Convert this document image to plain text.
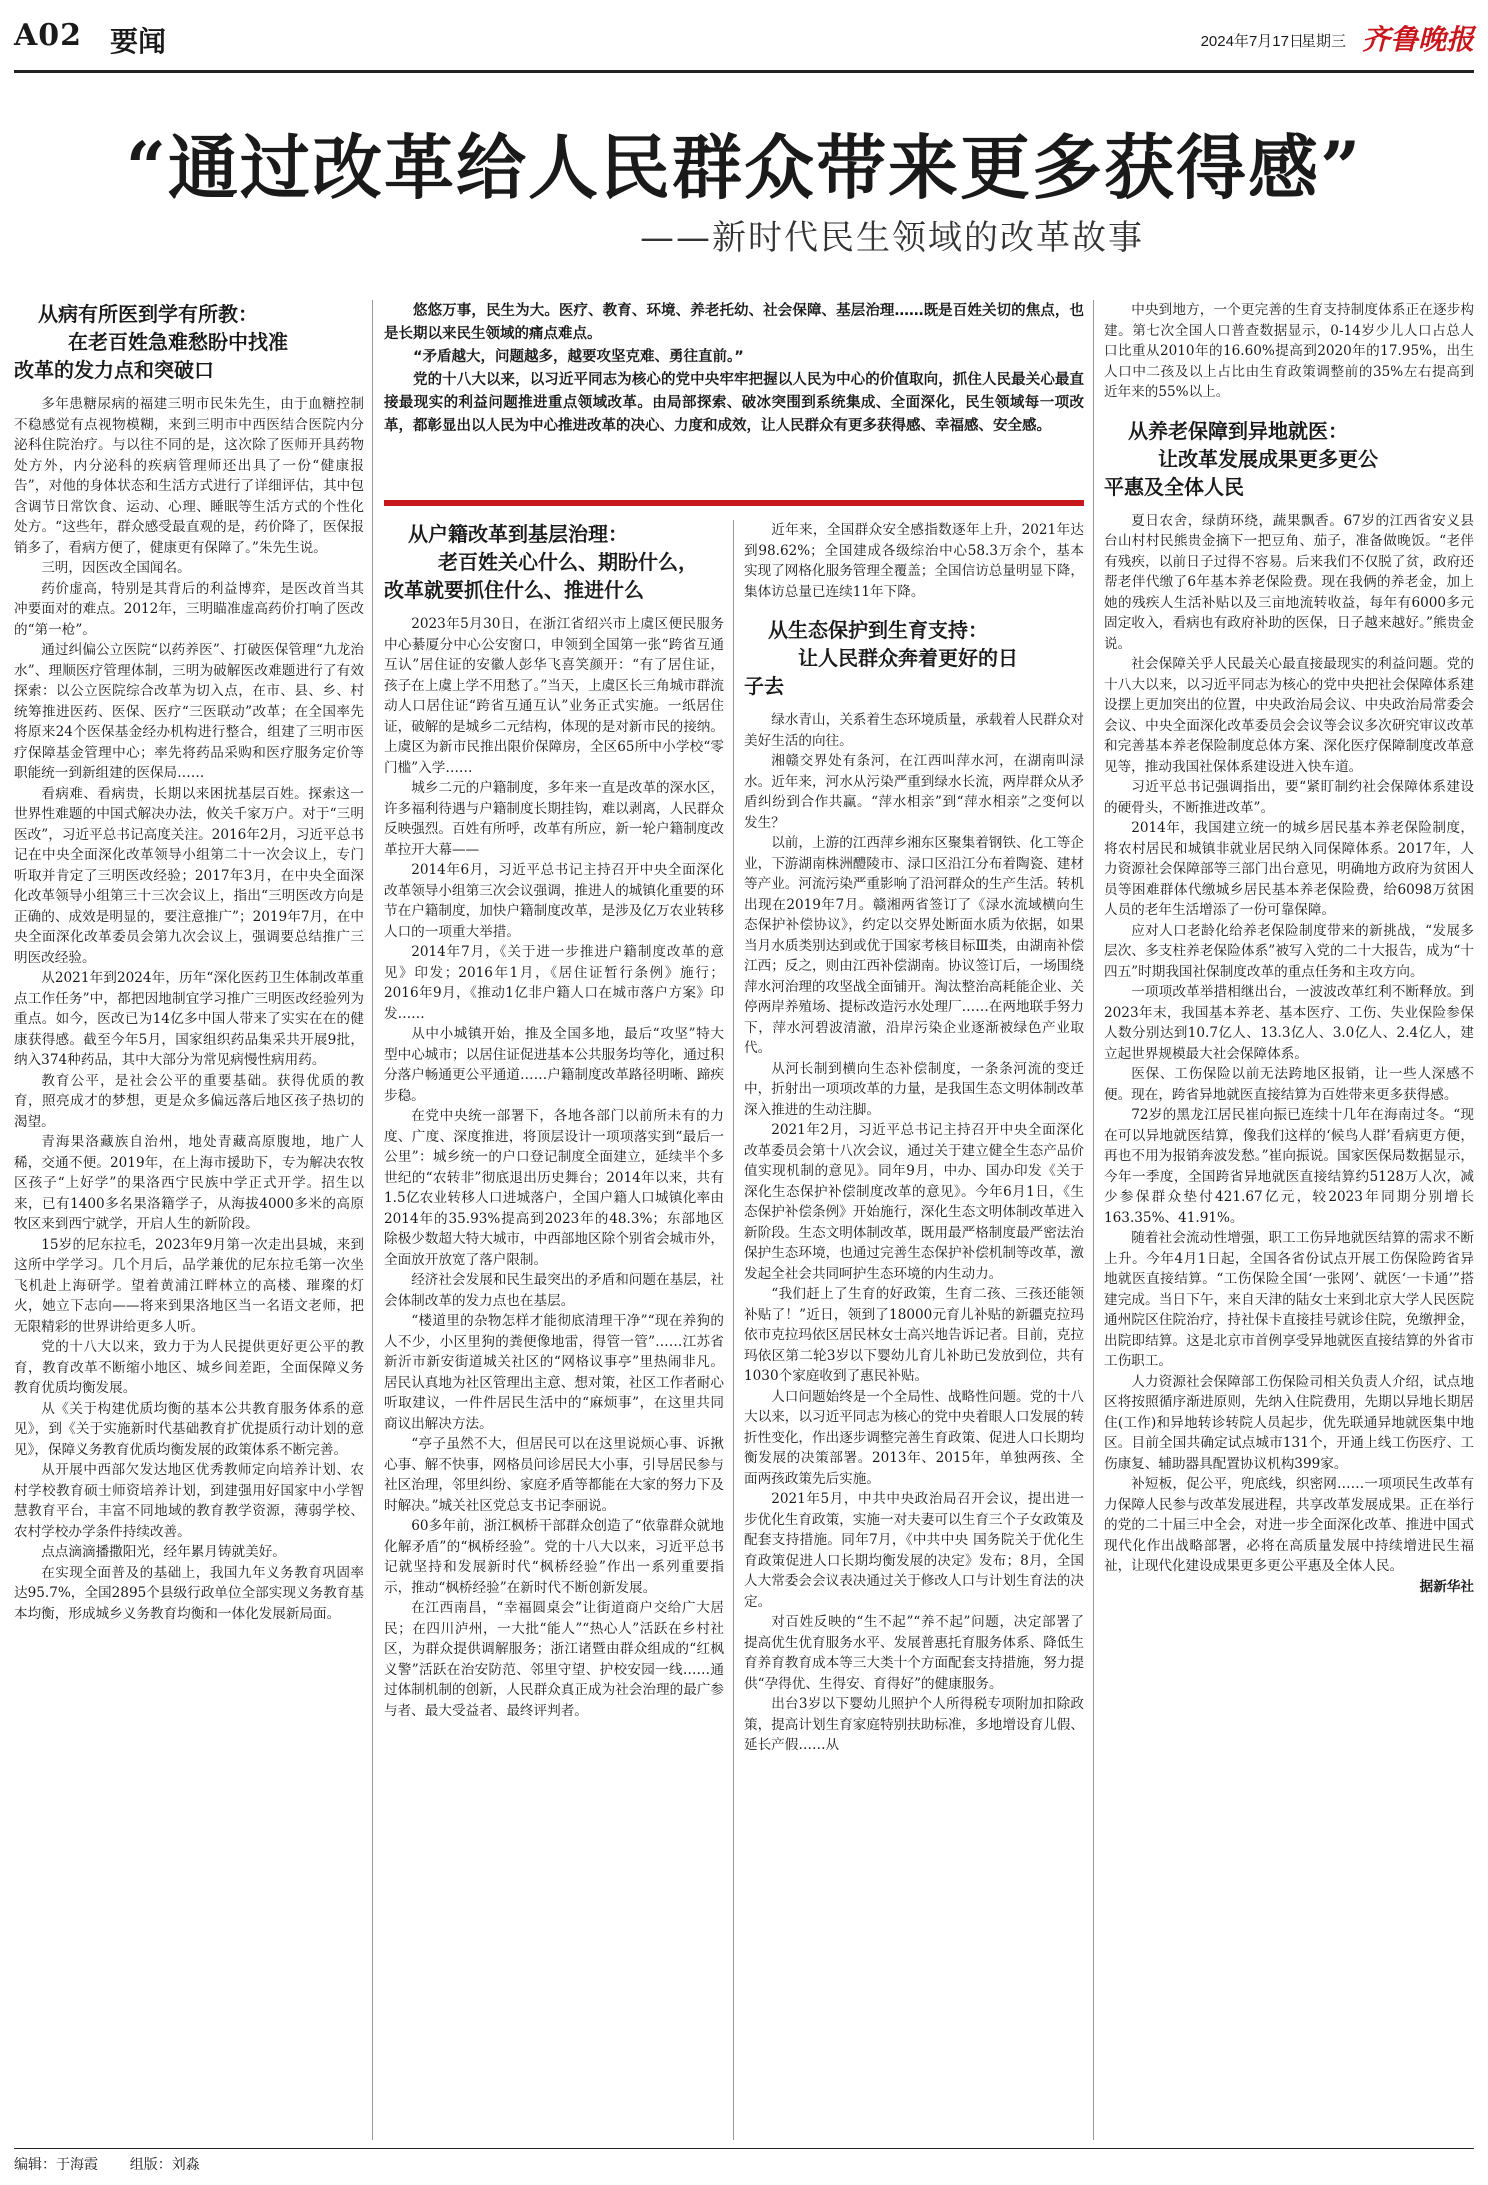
A02 要闻	2024年7月17日
星期三 齐鲁晚报
“通过改革给人民群众带来更多获得感”
——新时代民生领域的改革故事
从病有所医到学有所教：
在老百姓急难愁盼中找准
改革的发力点和突破口

多年患糖尿病的福建三明市民朱先生，由于血糖控制不稳感觉有点视物模糊，来到三明市中西医结合医院内分泌科住院治疗。与以往不同的是，这次除了医师开具药物处方外，内分泌科的疾病管理师还出具了一份“健康报告”，对他的身体状态和生活方式进行了详细评估，其中包含调节日常饮食、运动、心理、睡眠等生活方式的个性化处方。“这些年，群众感受最直观的是，药价降了，医保报销多了，看病方便了，健康更有保障了。”朱先生说。

三明，因医改全国闻名。

药价虚高，特别是其背后的利益博弈，是医改首当其冲要面对的难点。2012年，三明瞄准虚高药价打响了医改的“第一枪”。

通过纠偏公立医院“以药养医”、打破医保管理“九龙治水”、理顺医疗管理体制，三明为破解医改难题进行了有效探索：以公立医院综合改革为切入点，在市、县、乡、村统筹推进医药、医保、医疗“三医联动”改革；在全国率先将原来24个医保基金经办机构进行整合，组建了三明市医疗保障基金管理中心；率先将药品采购和医疗服务定价等职能统一到新组建的医保局……

看病难、看病贵，长期以来困扰基层百姓。探索这一世界性难题的中国式解决办法，攸关千家万户。对于“三明医改”，习近平总书记高度关注。2016年2月，习近平总书记在中央全面深化改革领导小组第二十一次会议上，专门听取并肯定了三明医改经验；2017年3月，在中央全面深化改革领导小组第三十三次会议上，指出“三明医改方向是正确的、成效是明显的，要注意推广”；2019年7月，在中央全面深化改革委员会第九次会议上，强调要总结推广三明医改经验。

从2021年到2024年，历年“深化医药卫生体制改革重点工作任务”中，都把因地制宜学习推广三明医改经验列为重点。如今，医改已为14亿多中国人带来了实实在在的健康获得感。截至今年5月，国家组织药品集采共开展9批，纳入374种药品，其中大部分为常见病慢性病用药。

教育公平，是社会公平的重要基础。获得优质的教育，照亮成才的梦想，更是众多偏远落后地区孩子热切的渴望。

青海果洛藏族自治州，地处青藏高原腹地，地广人稀，交通不便。2019年，在上海市援助下，专为解决农牧区孩子“上好学”的果洛西宁民族中学正式开学。招生以来，已有1400多名果洛籍学子，从海拔4000多米的高原牧区来到西宁就学，开启人生的新阶段。

15岁的尼东拉毛，2023年9月第一次走出县城，来到这所中学学习。几个月后，品学兼优的尼东拉毛第一次坐飞机赴上海研学。望着黄浦江畔林立的高楼、璀璨的灯火，她立下志向——将来到果洛地区当一名语文老师，把无限精彩的世界讲给更多人听。

党的十八大以来，致力于为人民提供更好更公平的教育，教育改革不断缩小地区、城乡间差距，全面保障义务教育优质均衡发展。

从《关于构建优质均衡的基本公共教育服务体系的意见》，到《关于实施新时代基础教育扩优提质行动计划的意见》，保障义务教育优质均衡发展的政策体系不断完善。

从开展中西部欠发达地区优秀教师定向培养计划、农村学校教育硕士师资培养计划，到建强用好国家中小学智慧教育平台，丰富不同地域的教育教学资源，薄弱学校、农村学校办学条件持续改善。

点点滴滴播撒阳光，经年累月铸就美好。

在实现全面普及的基础上，我国九年义务教育巩固率达95.7%，全国2895个县级行政单位全部实现义务教育基本均衡，形成城乡义务教育均衡和一体化发展新局面。

悠悠万事，民生为大。医疗、教育、环境、养老托幼、社会保障、基层治理……既是百姓关切的焦点，也是长期以来民生领域的痛点难点。

“矛盾越大，问题越多，越要攻坚克难、勇往直前。”

党的十八大以来，以习近平同志为核心的党中央牢牢把握以人民为中心的价值取向，抓住人民最关心最直接最现实的利益问题推进重点领域改革。由局部探索、破冰突围到系统集成、全面深化，民生领域每一项改革，都彰显出以人民为中心推进改革的决心、力度和成效，让人民群众有更多获得感、幸福感、安全感。

从户籍改革到基层治理：
老百姓关心什么、期盼什么，
改革就要抓住什么、推进什么

2023年5月30日，在浙江省绍兴市上虞区便民服务中心綦厦分中心公安窗口，申领到全国第一张“跨省互通互认”居住证的安徽人彭华飞喜笑颜开：“有了居住证，孩子在上虞上学不用愁了。”当天，上虞区长三角城市群流动人口居住证“跨省互通互认”业务正式实施。一纸居住证，破解的是城乡二元结构，体现的是对新市民的接纳。上虞区为新市民推出限价保障房，全区65所中小学校“零门槛”入学……

城乡二元的户籍制度，多年来一直是改革的深水区，许多福利待遇与户籍制度长期挂钩，难以剥离，人民群众反映强烈。百姓有所呼，改革有所应，新一轮户籍制度改革拉开大幕——

2014年6月，习近平总书记主持召开中央全面深化改革领导小组第三次会议强调，推进人的城镇化重要的环节在户籍制度，加快户籍制度改革，是涉及亿万农业转移人口的一项重大举措。

2014年7月，《关于进一步推进户籍制度改革的意见》印发；2016年1月，《居住证暂行条例》施行；2016年9月，《推动1亿非户籍人口在城市落户方案》印发……

从中小城镇开始，推及全国多地，最后“攻坚”特大型中心城市；以居住证促进基本公共服务均等化，通过积分落户畅通更公平通道……户籍制度改革路径明晰、蹄疾步稳。

在党中央统一部署下，各地各部门以前所未有的力度、广度、深度推进，将顶层设计一项项落实到“最后一公里”：城乡统一的户口登记制度全面建立，延续半个多世纪的“农转非”彻底退出历史舞台；2014年以来，共有1.5亿农业转移人口进城落户，全国户籍人口城镇化率由2014年的35.93%提高到2023年的48.3%；东部地区除极少数超大特大城市，中西部地区除个别省会城市外，全面放开放宽了落户限制。

经济社会发展和民生最突出的矛盾和问题在基层，社会体制改革的发力点也在基层。

“楼道里的杂物怎样才能彻底清理干净”“现在养狗的人不少，小区里狗的粪便像地雷，得管一管”……江苏省新沂市新安街道城关社区的“网格议事亭”里热闹非凡。居民认真地为社区管理出主意、想对策，社区工作者耐心听取建议，一件件居民生活中的“麻烦事”，在这里共同商议出解决方法。

“亭子虽然不大，但居民可以在这里说烦心事、诉揪心事、解不快事，网格员问诊居民大小事，引导居民参与社区治理，邻里纠纷、家庭矛盾等都能在大家的努力下及时解决。”城关社区党总支书记李丽说。

60多年前，浙江枫桥干部群众创造了“依靠群众就地化解矛盾”的“枫桥经验”。党的十八大以来，习近平总书记就坚持和发展新时代“枫桥经验”作出一系列重要指示，推动“枫桥经验”在新时代不断创新发展。

在江西南昌，“幸福圆桌会”让街道商户交给广大居民；在四川泸州，一大批“能人”“热心人”活跃在乡村社区，为群众提供调解服务；浙江诸暨由群众组成的“红枫义警”活跃在治安防范、邻里守望、护校安园一线……通过体制机制的创新，人民群众真正成为社会治理的最广参与者、最大受益者、最终评判者。

近年来，全国群众安全感指数逐年上升，2021年达到98.62%；全国建成各级综治中心58.3万余个，基本实现了网格化服务管理全覆盖；全国信访总量明显下降，集体访总量已连续11年下降。

从生态保护到生育支持：
让人民群众奔着更好的日
子去

绿水青山，关系着生态环境质量，承载着人民群众对美好生活的向往。

湘赣交界处有条河，在江西叫萍水河，在湖南叫渌水。近年来，河水从污染严重到绿水长流，两岸群众从矛盾纠纷到合作共赢。“萍水相亲”到“萍水相亲”之变何以发生？

以前，上游的江西萍乡湘东区聚集着钢铁、化工等企业，下游湖南株洲醴陵市、渌口区沿江分布着陶瓷、建材等产业。河流污染严重影响了沿河群众的生产生活。转机出现在2019年7月。赣湘两省签订了《渌水流域横向生态保护补偿协议》，约定以交界处断面水质为依据，如果当月水质类别达到或优于国家考核目标Ⅲ类，由湖南补偿江西；反之，则由江西补偿湖南。协议签订后，一场围绕萍水河治理的攻坚战全面铺开。淘汰整治高耗能企业、关停两岸养殖场、提标改造污水处理厂……在两地联手努力下，萍水河碧波清澈，沿岸污染企业逐渐被绿色产业取代。

从河长制到横向生态补偿制度，一条条河流的变迁中，折射出一项项改革的力量，是我国生态文明体制改革深入推进的生动注脚。

2021年2月，习近平总书记主持召开中央全面深化改革委员会第十八次会议，通过关于建立健全生态产品价值实现机制的意见》。同年9月，中办、国办印发《关于深化生态保护补偿制度改革的意见》。今年6月1日，《生态保护补偿条例》开始施行，深化生态文明体制改革进入新阶段。生态文明体制改革，既用最严格制度最严密法治保护生态环境，也通过完善生态保护补偿机制等改革，激发起全社会共同呵护生态环境的内生动力。

“我们赶上了生育的好政策，生育二孩、三孩还能领补贴了！”近日，领到了18000元育儿补贴的新疆克拉玛依市克拉玛依区居民林女士高兴地告诉记者。目前，克拉玛依区第二轮3岁以下婴幼儿育儿补助已发放到位，共有1030个家庭收到了惠民补贴。

人口问题始终是一个全局性、战略性问题。党的十八大以来，以习近平同志为核心的党中央着眼人口发展的转折性变化，作出逐步调整完善生育政策、促进人口长期均衡发展的决策部署。2013年、2015年，单独两孩、全面两孩政策先后实施。

2021年5月，中共中央政治局召开会议，提出进一步优化生育政策，实施一对夫妻可以生育三个子女政策及配套支持措施。同年7月，《中共中央 国务院关于优化生育政策促进人口长期均衡发展的决定》发布；8月，全国人大常委会会议表决通过关于修改人口与计划生育法的决定。

对百姓反映的“生不起”“养不起”问题，决定部署了提高优生优育服务水平、发展普惠托育服务体系、降低生育养育教育成本等三大类十个方面配套支持措施，努力提供“孕得优、生得安、育得好”的健康服务。

出台3岁以下婴幼儿照护个人所得税专项附加扣除政策，提高计划生育家庭特别扶助标准，多地增设育儿假、延长产假……从

中央到地方，一个更完善的生育支持制度体系正在逐步构建。第七次全国人口普查数据显示，0-14岁少儿人口占总人口比重从2010年的16.60%提高到2020年的17.95%，出生人口中二孩及以上占比由生育政策调整前的35%左右提高到近年来的55%以上。

从养老保障到异地就医：
让改革发展成果更多更公
平惠及全体人民

夏日农舍，绿荫环绕，蔬果飘香。67岁的江西省安义县台山村村民熊贵金摘下一把豆角、茄子，准备做晚饭。“老伴有残疾，以前日子过得不容易。后来我们不仅脱了贫，政府还帮老伴代缴了6年基本养老保险费。现在我俩的养老金，加上她的残疾人生活补贴以及三亩地流转收益，每年有6000多元固定收入，看病也有政府补助的医保，日子越来越好。”熊贵金说。

社会保障关乎人民最关心最直接最现实的利益问题。党的十八大以来，以习近平同志为核心的党中央把社会保障体系建设摆上更加突出的位置，中央政治局会议、中央政治局常委会会议、中央全面深化改革委员会会议等会议多次研究审议改革和完善基本养老保险制度总体方案、深化医疗保障制度改革意见等，推动我国社保体系建设进入快车道。

习近平总书记强调指出，要“紧盯制约社会保障体系建设的硬骨头，不断推进改革”。

2014年，我国建立统一的城乡居民基本养老保险制度，将农村居民和城镇非就业居民纳入同保障体系。2017年，人力资源社会保障部等三部门出台意见，明确地方政府为贫困人员等困难群体代缴城乡居民基本养老保险费，给6098万贫困人员的老年生活增添了一份可靠保障。

应对人口老龄化给养老保险制度带来的新挑战，“发展多层次、多支柱养老保险体系”被写入党的二十大报告，成为“十四五”时期我国社保制度改革的重点任务和主攻方向。

一项项改革举措相继出台，一波波改革红利不断释放。到2023年末，我国基本养老、基本医疗、工伤、失业保险参保人数分别达到10.7亿人、13.3亿人、3.0亿人、2.4亿人，建立起世界规模最大社会保障体系。

医保、工伤保险以前无法跨地区报销，让一些人深感不便。现在，跨省异地就医直接结算为百姓带来更多获得感。

72岁的黑龙江居民崔向振已连续十几年在海南过冬。“现在可以异地就医结算，像我们这样的‘候鸟人群’看病更方便，再也不用为报销奔波发愁。”崔向振说。国家医保局数据显示，今年一季度，全国跨省异地就医直接结算约5128万人次，减少参保群众垫付421.67亿元，较2023年同期分别增长163.35%、41.91%。

随着社会流动性增强，职工工伤异地就医结算的需求不断上升。今年4月1日起，全国各省份试点开展工伤保险跨省异地就医直接结算。“工伤保险全国‘一张网’、就医‘一卡通’”搭建完成。当日下午，来自天津的陆女士来到北京大学人民医院通州院区住院治疗，持社保卡直接挂号就诊住院，免缴押金，出院即结算。这是北京市首例享受异地就医直接结算的外省市工伤职工。

人力资源社会保障部工伤保险司相关负责人介绍，试点地区将按照循序渐进原则，先纳入住院费用，先期以异地长期居住(工作)和异地转诊转院人员起步，优先联通异地就医集中地区。目前全国共确定试点城市131个，开通上线工伤医疗、工伤康复、辅助器具配置协议机构399家。

补短板，促公平，兜底线，织密网……一项项民生改革有力保障人民参与改革发展进程，共享改革发展成果。正在举行的党的二十届三中全会，对进一步全面深化改革、推进中国式现代化作出战略部署，必将在高质量发展中持续增进民生福祉，让现代化建设成果更多更公平惠及全体人民。

据新华社
编辑：于海霞 组版：刘淼
